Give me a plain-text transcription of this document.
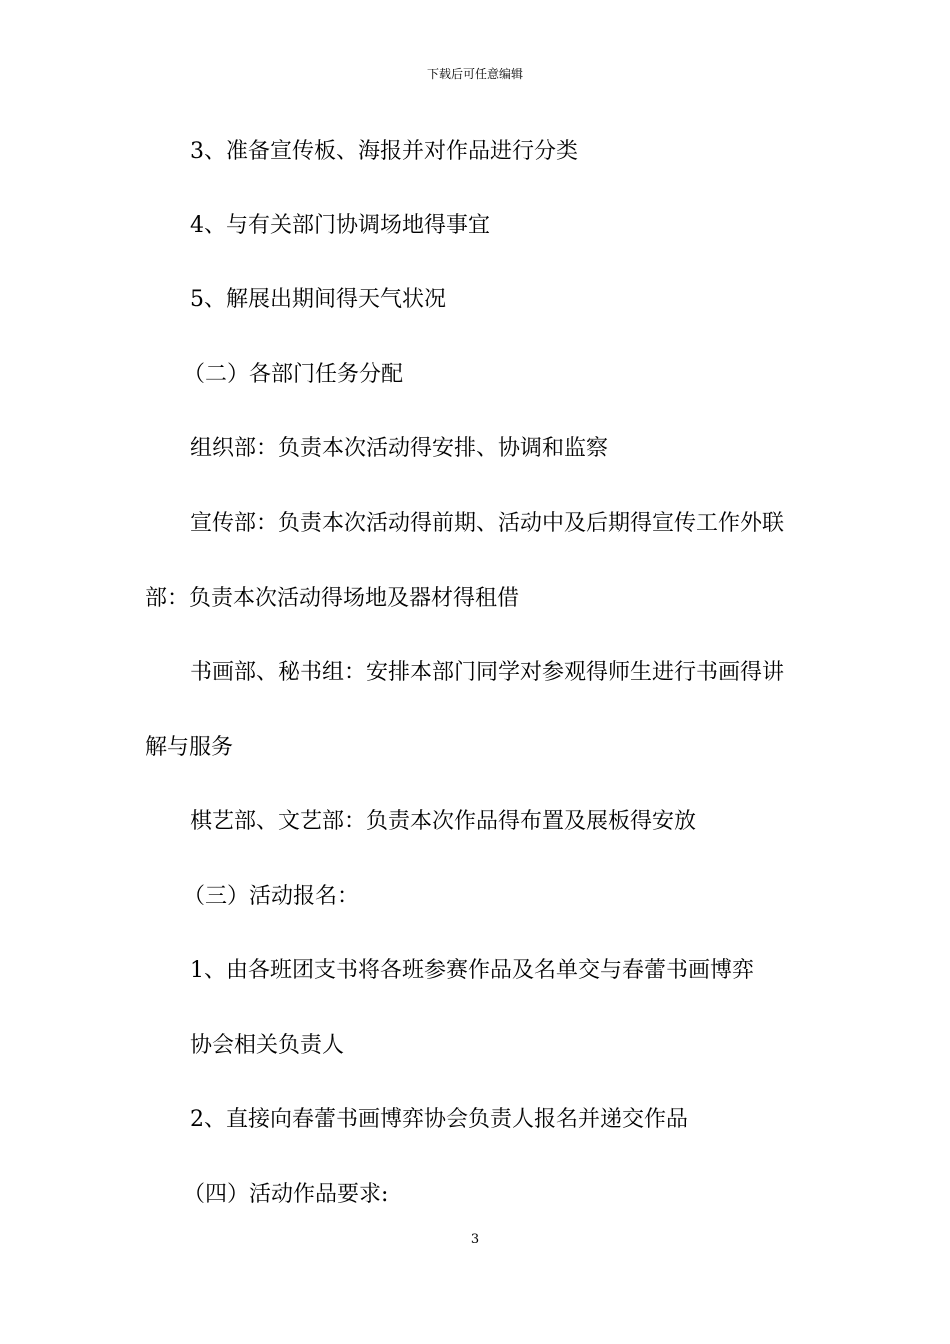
下载后可任意编辑
3、准备宣传板、海报并对作品进行分类
4、与有关部门协调场地得事宜
5、解展出期间得天气状况
（二）各部门任务分配
组织部：负责本次活动得安排、协调和监察
宣传部：负责本次活动得前期、活动中及后期得宣传工作外联
部：负责本次活动得场地及器材得租借
书画部、秘书组：安排本部门同学对参观得师生进行书画得讲
解与服务
棋艺部、文艺部：负责本次作品得布置及展板得安放
（三）活动报名：
1、由各班团支书将各班参赛作品及名单交与春蕾书画博弈
协会相关负责人
2、直接向春蕾书画博弈协会负责人报名并递交作品
（四）活动作品要求:
3
